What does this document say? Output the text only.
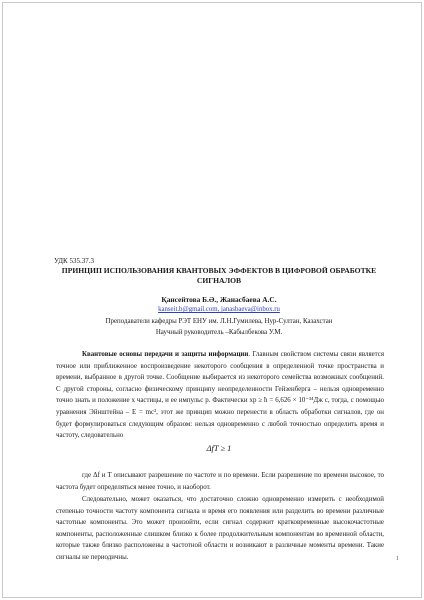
УДК 535.37.3
ПРИНЦИП ИСПОЛЬЗОВАНИЯ КВАНТОВЫХ ЭФФЕКТОВ В ЦИФРОВОЙ ОБРАБОТКЕ СИГНАЛОВ
Қансейтова Б.Ә., Жанасбаева А.С.
kanseit.b@gmail.com, janasbaeva@inbox.ru
Преподаватели кафедры РЭТ ЕНУ им. Л.Н.Гумилева, Нур-Султан, Казахстан
Научный руководитель –Кабылбекова У.М.
Квантовые основы передачи и защиты информации. Главным свойством системы связи является точное или приближенное воспроизведение некоторого сообщения в определенной точке пространства и времени, выбранное в другой точке. Сообщение выбирается из некоторого семейства возможных сообщений. С другой стороны, согласно физическому принципу неопределенности Гейзенберга – нельзя одновременно точно знать и положение x частицы, и ее импульс p. Фактически xp ≥ ħ = 6,626 × 10⁻³⁴Дж с, тогда, с помощью уравнения Эйнштейна – E = mc², этот же принцип можно перенести в область обработки сигналов, где он будет формулироваться следующим образом: нельзя одновременно с любой точностью определить время и частоту, следовательно
ΔfT ≥ 1
где Δf и T описывают разрешение по частоте и по времени. Если разрешение по времени высокое, то частота будет определяться менее точно, и наоборот.
Следовательно, может оказаться, что достаточно сложно одновременно измерить с необходимой степенью точности частоту компонента сигнала и время его появления или разделить во времени различные частотные компоненты. Это может произойти, если сигнал содержит кратковременные высокочастотные компоненты, расположенные слишком близко к более продолжительным компонентам во временной области, которые также близко расположены в частотной области и возникают в различные моменты времени. Такие сигналы не периодичны.	1
